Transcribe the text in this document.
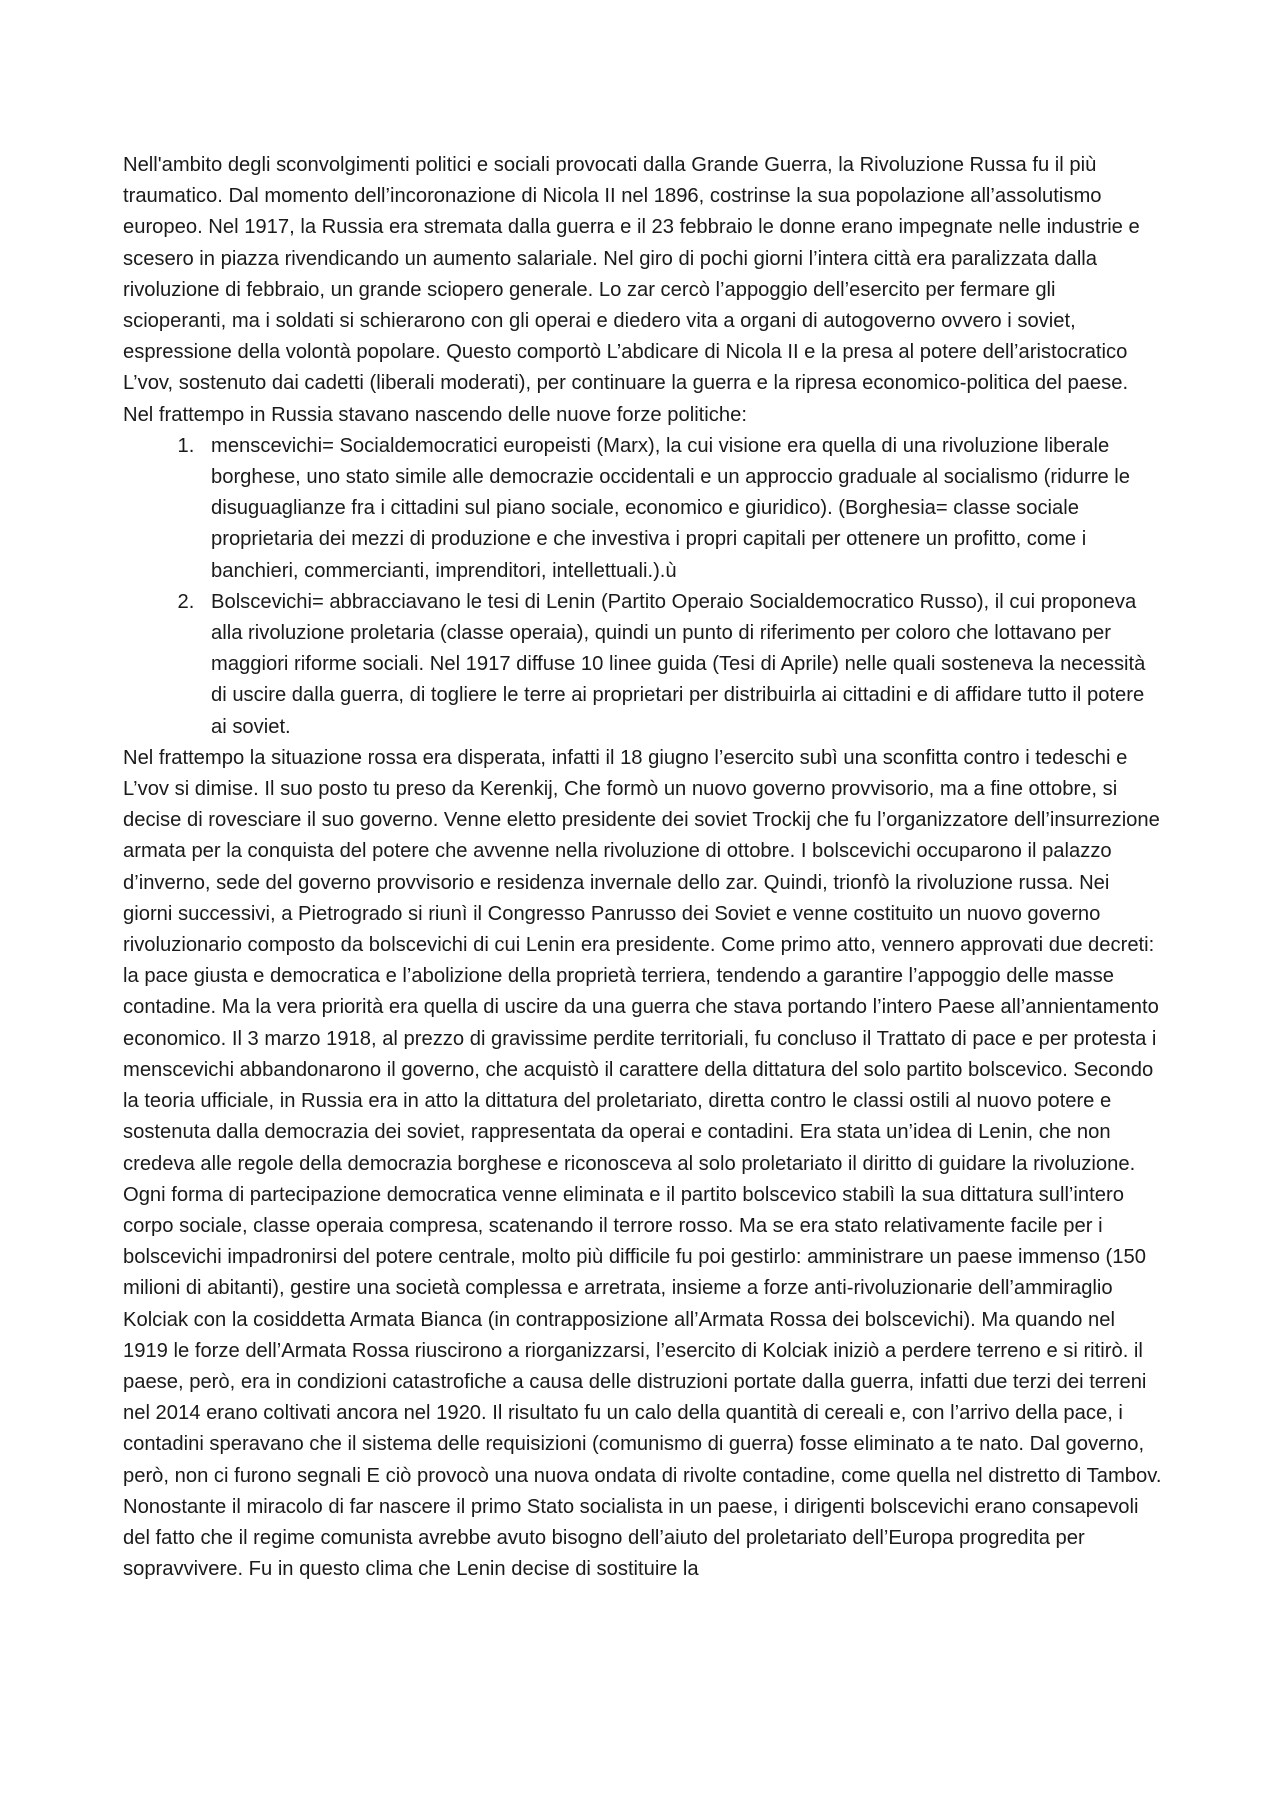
Nell'ambito degli sconvolgimenti politici e sociali provocati dalla Grande Guerra, la Rivoluzione Russa fu il più traumatico. Dal momento dell’incoronazione di Nicola II nel 1896, costrinse la sua popolazione all’assolutismo europeo. Nel 1917, la Russia era stremata dalla guerra e il 23 febbraio le donne erano impegnate nelle industrie e scesero in piazza rivendicando un aumento salariale. Nel giro di pochi giorni l’intera città era paralizzata dalla rivoluzione di febbraio, un grande sciopero generale. Lo zar cercò l’appoggio dell’esercito per fermare gli scioperanti, ma i soldati si schierarono con gli operai e diedero vita a organi di autogoverno ovvero i soviet, espressione della volontà popolare. Questo comportò L’abdicare di Nicola II e la presa al potere dell’aristocratico L’vov, sostenuto dai cadetti (liberali moderati), per continuare la guerra e la ripresa economico-politica del paese. Nel frattempo in Russia stavano nascendo delle nuove forze politiche:

1. menscevichi= Socialdemocratici europeisti (Marx), la cui visione era quella di una rivoluzione liberale borghese, uno stato simile alle democrazie occidentali e un approccio graduale al socialismo (ridurre le disuguaglianze fra i cittadini sul piano sociale, economico e giuridico). (Borghesia= classe sociale proprietaria dei mezzi di produzione e che investiva i propri capitali per ottenere un profitto, come i banchieri, commercianti, imprenditori, intellettuali.).ù
2. Bolscevichi= abbracciavano le tesi di Lenin (Partito Operaio Socialdemocratico Russo), il cui proponeva alla rivoluzione proletaria (classe operaia), quindi un punto di riferimento per coloro che lottavano per maggiori riforme sociali. Nel 1917 diffuse 10 linee guida (Tesi di Aprile) nelle quali sosteneva la necessità di uscire dalla guerra, di togliere le terre ai proprietari per distribuirla ai cittadini e di affidare tutto il potere ai soviet.

Nel frattempo la situazione rossa era disperata, infatti il 18 giugno l’esercito subì una sconfitta contro i tedeschi e L’vov si dimise. Il suo posto tu preso da Kerenkij, Che formò un nuovo governo provvisorio, ma a fine ottobre, si decise di rovesciare il suo governo. Venne eletto presidente dei soviet Trockij che fu l’organizzatore dell’insurrezione armata per la conquista del potere che avvenne nella rivoluzione di ottobre. I bolscevichi occuparono il palazzo d’inverno, sede del governo provvisorio e residenza invernale dello zar. Quindi, trionfò la rivoluzione russa. Nei giorni successivi, a Pietrogrado si riunì il Congresso Panrusso dei Soviet e venne costituito un nuovo governo rivoluzionario composto da bolscevichi di cui Lenin era presidente. Come primo atto, vennero approvati due decreti: la pace giusta e democratica e l’abolizione della proprietà terriera, tendendo a garantire l’appoggio delle masse contadine. Ma la vera priorità era quella di uscire da una guerra che stava portando l’intero Paese all’annientamento economico. Il 3 marzo 1918, al prezzo di gravissime perdite territoriali, fu concluso il Trattato di pace e per protesta i menscevichi abbandonarono il governo, che acquistò il carattere della dittatura del solo partito bolscevico. Secondo la teoria ufficiale, in Russia era in atto la dittatura del proletariato, diretta contro le classi ostili al nuovo potere e sostenuta dalla democrazia dei soviet, rappresentata da operai e contadini. Era stata un’idea di Lenin, che non credeva alle regole della democrazia borghese e riconosceva al solo proletariato il diritto di guidare la rivoluzione. Ogni forma di partecipazione democratica venne eliminata e il partito bolscevico stabilì la sua dittatura sull’intero corpo sociale, classe operaia compresa, scatenando il terrore rosso. Ma se era stato relativamente facile per i bolscevichi impadronirsi del potere centrale, molto più difficile fu poi gestirlo: amministrare un paese immenso (150 milioni di abitanti), gestire una società complessa e arretrata, insieme a forze anti-rivoluzionarie dell’ammiraglio Kolciak con la cosiddetta Armata Bianca (in contrapposizione all’Armata Rossa dei bolscevichi). Ma quando nel 1919 le forze dell’Armata Rossa riuscirono a riorganizzarsi, l’esercito di Kolciak iniziò a perdere terreno e si ritirò. il paese, però, era in condizioni catastrofiche a causa delle distruzioni portate dalla guerra, infatti due terzi dei terreni nel 2014 erano coltivati ancora nel 1920. Il risultato fu un calo della quantità di cereali e, con l’arrivo della pace, i contadini speravano che il sistema delle requisizioni (comunismo di guerra) fosse eliminato a te nato. Dal governo, però, non ci furono segnali E ciò provocò una nuova ondata di rivolte contadine, come quella nel distretto di Tambov. Nonostante il miracolo di far nascere il primo Stato socialista in un paese, i dirigenti bolscevichi erano consapevoli del fatto che il regime comunista avrebbe avuto bisogno dell’aiuto del proletariato dell’Europa progredita per sopravvivere. Fu in questo clima che Lenin decise di sostituire la
